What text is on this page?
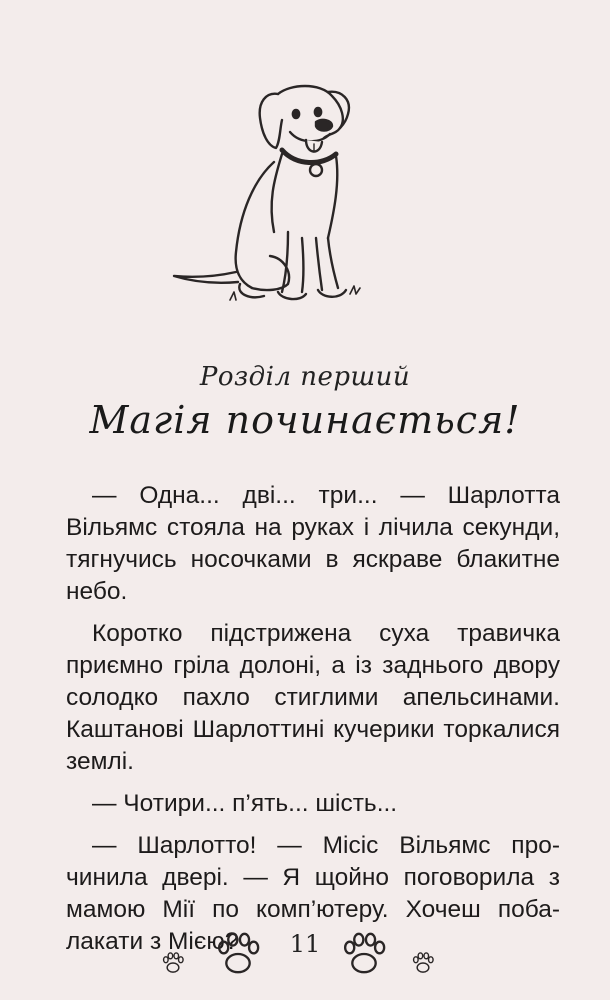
Розділ перший
Магія починається!

— Одна... дві... три... — Шарлотта Вільямс стояла на руках і лічила секунди, тягнучись носочками в яскраве блакитне небо.

Коротко підстрижена суха травичка приємно гріла долоні, а із заднього двору солодко пахло стиглими апельсинами. Каштанові Шарлоттині кучерики торкалися землі.

— Чотири... п’ять... шість...

— Шарлотто! — Місіс Вільямс прочинила двері. — Я щойно поговорила з мамою Мії по комп’ютеру. Хочеш побалакати з Мією?	11
